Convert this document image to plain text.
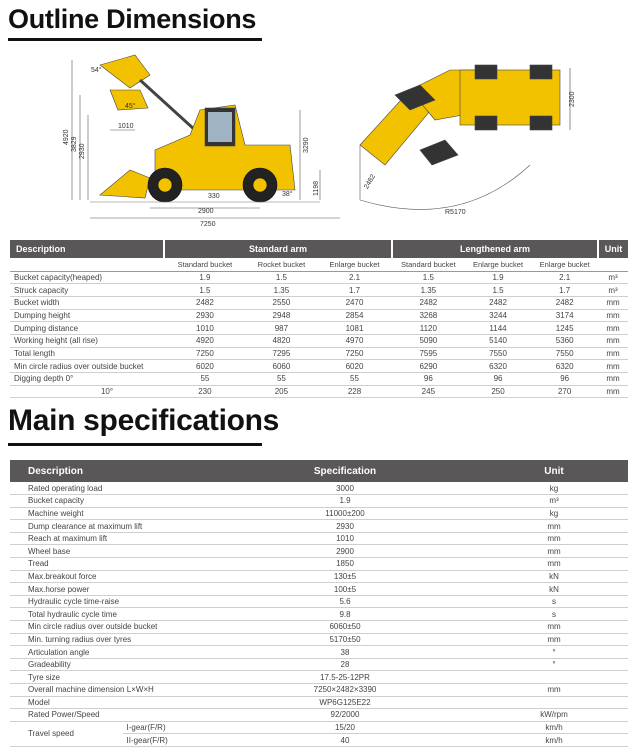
Outline Dimensions
54°
45°
4920 3829 2930
1010
3290
1198
330	38°
2900
7250
2300
2482
R5170
Description	Standard arm			Lengthened arm			Unit
	Standard bucket	Rocket bucket	Enlarge bucket	Standard bucket	Enlarge bucket	Enlarge bucket	
Bucket capacity(heaped)	1.9	1.5	2.1	1.5	1.9	2.1	m³
Struck capacity	1.5	1.35	1.7	1.35	1.5	1.7	m³
Bucket width	2482	2550	2470	2482	2482	2482	mm
Dumping height	2930	2948	2854	3268	3244	3174	mm
Dumping distance	1010	987	1081	1120	1144	1245	mm
Working height (all rise)	4920	4820	4970	5090	5140	5360	mm
Total length	7250	7295	7250	7595	7550	7550	mm
Min circle radius over outside bucket	6020	6060	6020	6290	6320	6320	mm
Digging depth 0°	55	55	55	96	96	96	mm
10°	230	205	228	245	250	270	mm
Main specifications
Description		Specification	Unit
Rated operating load		3000	kg
Bucket capacity		1.9	m³
Machine weight		11000±200	kg
Dump clearance at maximum lift		2930	mm
Reach at maximum lift		1010	mm
Wheel base		2900	mm
Tread		1850	mm
Max.breakout force		130±5	kN
Max.horse power		100±5	kN
Hydraulic cycle time-raise		5.6	s
Total hydraulic cycle time		9.8	s
Min circle radius over outside bucket		6060±50	mm
Min. turning radius over tyres		5170±50	mm
Articulation angle		38	°
Gradeability		28	°
Tyre size		17.5-25-12PR	
Overall machine dimension L×W×H		7250×2482×3390	mm
Model		WP6G125E22	
Rated Power/Speed		92/2000	kW/rpm
Travel speed	I-gear(F/R)	15/20	km/h
	II-gear(F/R)	40	km/h
